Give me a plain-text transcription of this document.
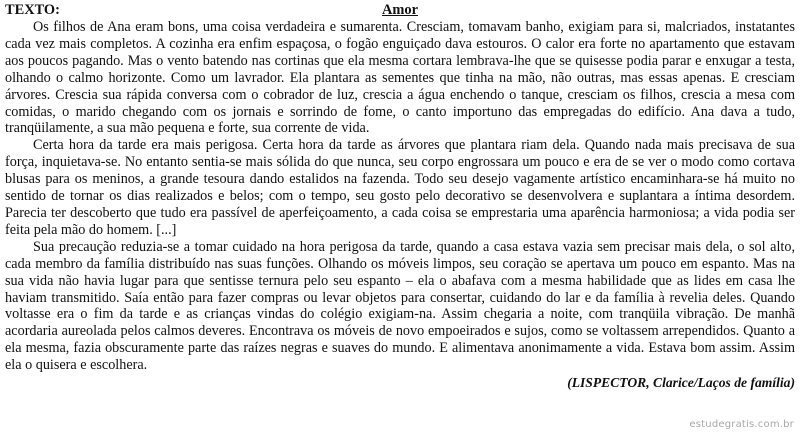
TEXTO:	Amor

Os filhos de Ana eram bons, uma coisa verdadeira e sumarenta. Cresciam, tomavam banho, exigiam para si, malcriados, instatantes cada vez mais completos. A cozinha era enfim espaçosa, o fogão enguiçado dava estouros. O calor era forte no apartamento que estavam aos poucos pagando. Mas o vento batendo nas cortinas que ela mesma cortara lembrava-lhe que se quisesse podia parar e enxugar a testa, olhando o calmo horizonte. Como um lavrador. Ela plantara as sementes que tinha na mão, não outras, mas essas apenas. E cresciam árvores. Crescia sua rápida conversa com o cobrador de luz, crescia a água enchendo o tanque, cresciam os filhos, crescia a mesa com comidas, o marido chegando com os jornais e sorrindo de fome, o canto importuno das empregadas do edifício. Ana dava a tudo, tranqüilamente, a sua mão pequena e forte, sua corrente de vida.

Certa hora da tarde era mais perigosa. Certa hora da tarde as árvores que plantara riam dela. Quando nada mais precisava de sua força, inquietava-se. No entanto sentia-se mais sólida do que nunca, seu corpo engrossara um pouco e era de se ver o modo como cortava blusas para os meninos, a grande tesoura dando estalidos na fazenda. Todo seu desejo vagamente artístico encaminhara-se há muito no sentido de tornar os dias realizados e belos; com o tempo, seu gosto pelo decorativo se desenvolvera e suplantara a íntima desordem. Parecia ter descoberto que tudo era passível de aperfeiçoamento, a cada coisa se emprestaria uma aparência harmoniosa; a vida podia ser feita pela mão do homem. [...]

Sua precaução reduzia-se a tomar cuidado na hora perigosa da tarde, quando a casa estava vazia sem precisar mais dela, o sol alto, cada membro da família distribuído nas suas funções. Olhando os móveis limpos, seu coração se apertava um pouco em espanto. Mas na sua vida não havia lugar para que sentisse ternura pelo seu espanto – ela o abafava com a mesma habilidade que as lides em casa lhe haviam transmitido. Saía então para fazer compras ou levar objetos para consertar, cuidando do lar e da família à revelia deles. Quando voltasse era o fim da tarde e as crianças vindas do colégio exigiam-na. Assim chegaria a noite, com tranqüila vibração. De manhã acordaria aureolada pelos calmos deveres. Encontrava os móveis de novo empoeirados e sujos, como se voltassem arrependidos. Quanto a ela mesma, fazia obscuramente parte das raízes negras e suaves do mundo. E alimentava anonimamente a vida. Estava bom assim. Assim ela o quisera e escolhera.

(LISPECTOR, Clarice/Laços de família)

estudegratis.com.br
